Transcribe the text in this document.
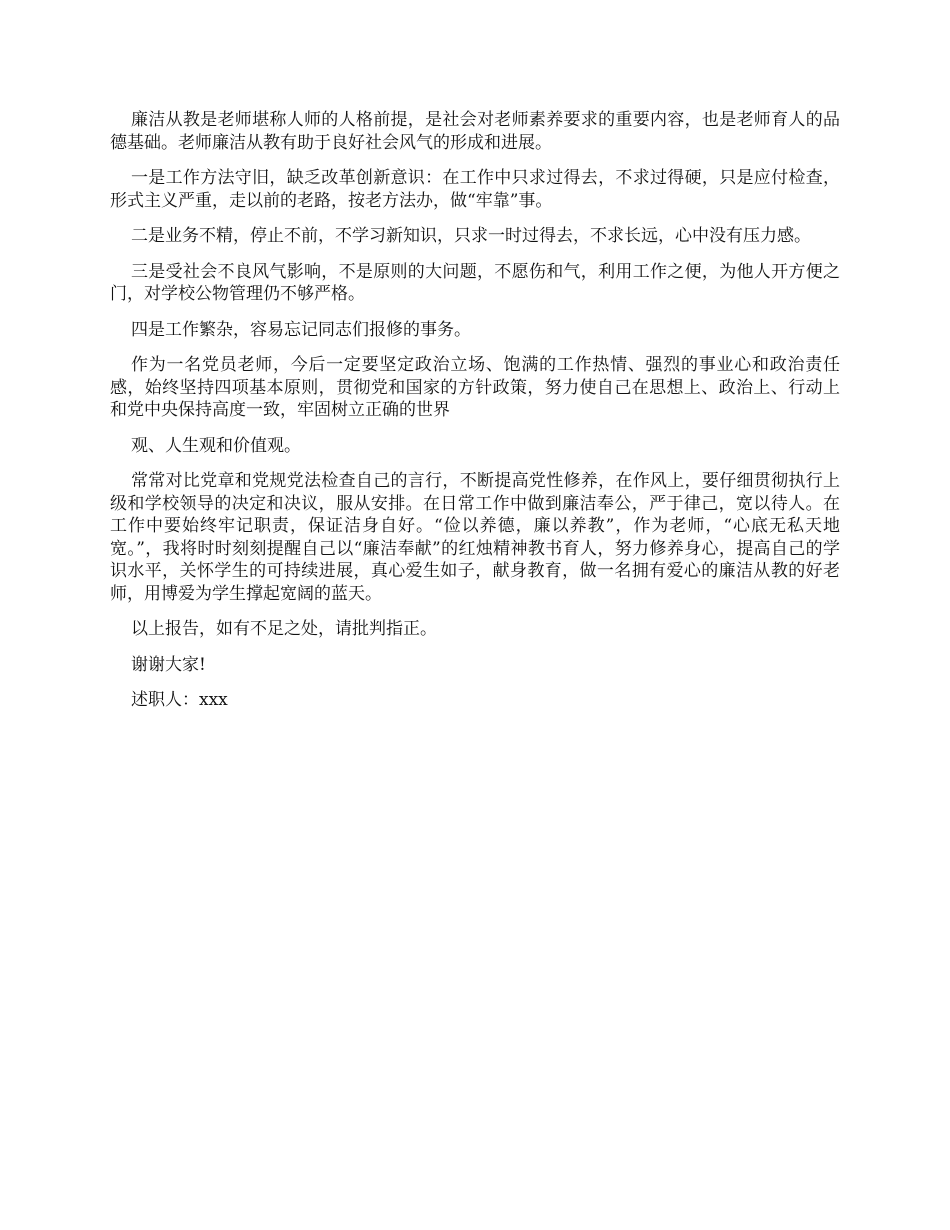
廉洁从教是老师堪称人师的人格前提，是社会对老师素养要求的重要内容，也是老师育人的品德基础。老师廉洁从教有助于良好社会风气的形成和进展。

一是工作方法守旧，缺乏改革创新意识：在工作中只求过得去，不求过得硬，只是应付检查，形式主义严重，走以前的老路，按老方法办，做“牢靠”事。

二是业务不精，停止不前，不学习新知识，只求一时过得去，不求长远，心中没有压力感。

三是受社会不良风气影响，不是原则的大问题，不愿伤和气，利用工作之便，为他人开方便之门，对学校公物管理仍不够严格。

四是工作繁杂，容易忘记同志们报修的事务。

作为一名党员老师，今后一定要坚定政治立场、饱满的工作热情、强烈的事业心和政治责任感，始终坚持四项基本原则，贯彻党和国家的方针政策，努力使自己在思想上、政治上、行动上和党中央保持高度一致，牢固树立正确的世界

观、人生观和价值观。

常常对比党章和党规党法检查自己的言行，不断提高党性修养，在作风上，要仔细贯彻执行上级和学校领导的决定和决议，服从安排。在日常工作中做到廉洁奉公，严于律己，宽以待人。在工作中要始终牢记职责，保证洁身自好。“俭以养德，廉以养教”，作为老师，“心底无私天地宽。”，我将时时刻刻提醒自己以“廉洁奉献”的红烛精神教书育人，努力修养身心，提高自己的学识水平，关怀学生的可持续进展，真心爱生如子，献身教育，做一名拥有爱心的廉洁从教的好老师，用博爱为学生撑起宽阔的蓝天。

以上报告，如有不足之处，请批判指正。

谢谢大家!

述职人：xxx
